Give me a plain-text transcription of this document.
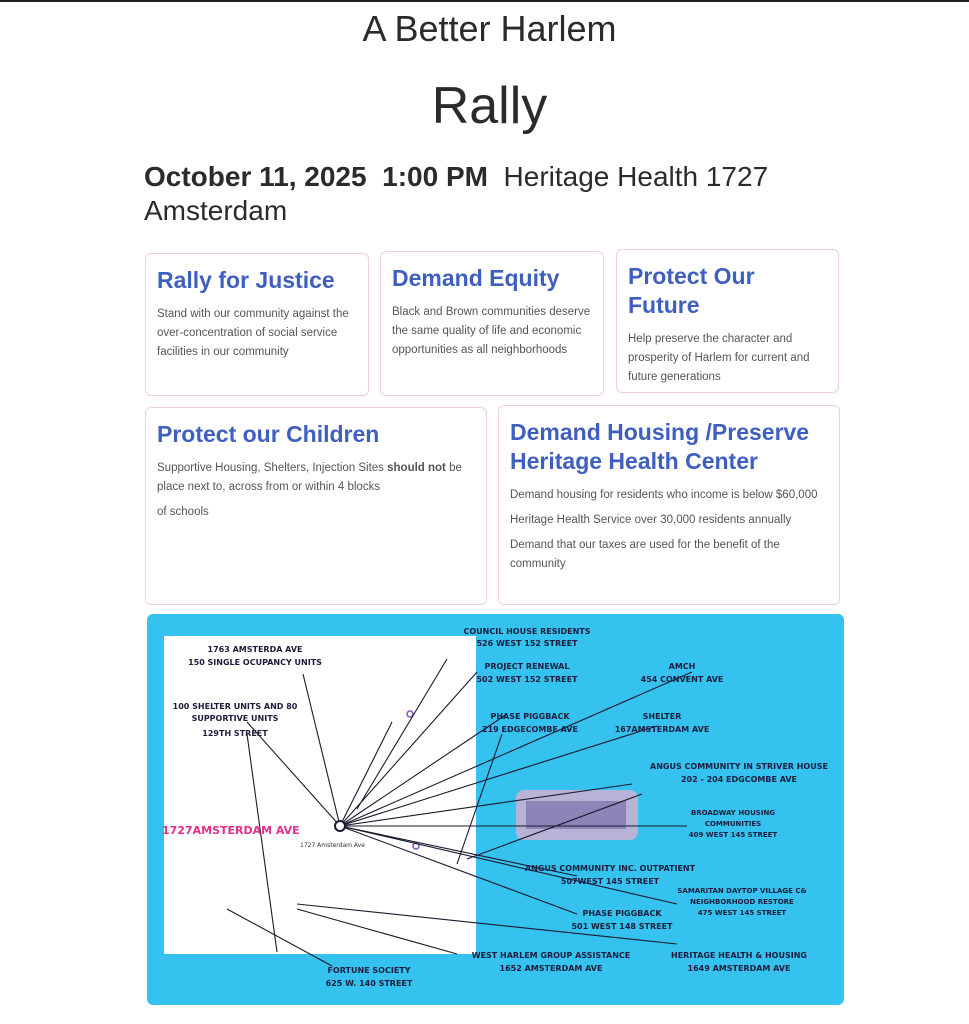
A Better Harlem
Rally
October 11, 2025 1:00 PM Heritage Health 1727 Amsterdam
Rally for Justice

Stand with our community against the over-concentration of social service facilities in our community

Demand Equity

Black and Brown communities deserve the same quality of life and economic opportunities as all neighborhoods

Protect Our Future

Help preserve the character and prosperity of Harlem for current and future generations

Protect our Children

Supportive Housing, Shelters, Injection Sites should not be place next to, across from or within 4 blocks

of schools

Demand Housing /Preserve Heritage Health Center

Demand housing for residents who income is below $60,000

Heritage Health Service over 30,000 residents annually

Demand that our taxes are used for the benefit of the community

1727AMSTERDAM AVE
1727 Amsterdam Ave
1763 AMSTERDA AVE
150 SINGLE OCUPANCY UNITS
100 SHELTER UNITS AND 80
SUPPORTIVE UNITS
129TH STREET
COUNCIL HOUSE RESIDENTS
526 WEST 152 STREET
PROJECT RENEWAL
502 WEST 152 STREET
AMCH
454 CONVENT AVE
PHASE PIGGBACK
219 EDGECOMBE AVE
SHELTER
167AMSTERDAM AVE
ANGUS COMMUNITY IN STRIVER HOUSE
202 - 204 EDGCOMBE AVE
BROADWAY HOUSING
COMMUNITIES
409 WEST 145 STREET
ANGUS COMMUNITY INC. OUTPATIENT
507WEST 145 STREET
SAMARITAN DAYTOP VILLAGE C&
NEIGHBORHOOD RESTORE
475 WEST 145 STREET
PHASE PIGGBACK
501 WEST 148 STREET
WEST HARLEM GROUP ASSISTANCE
1652 AMSTERDAM AVE
HERITAGE HEALTH & HOUSING
1649 AMSTERDAM AVE
FORTUNE SOCIETY
625 W. 140 STREET
